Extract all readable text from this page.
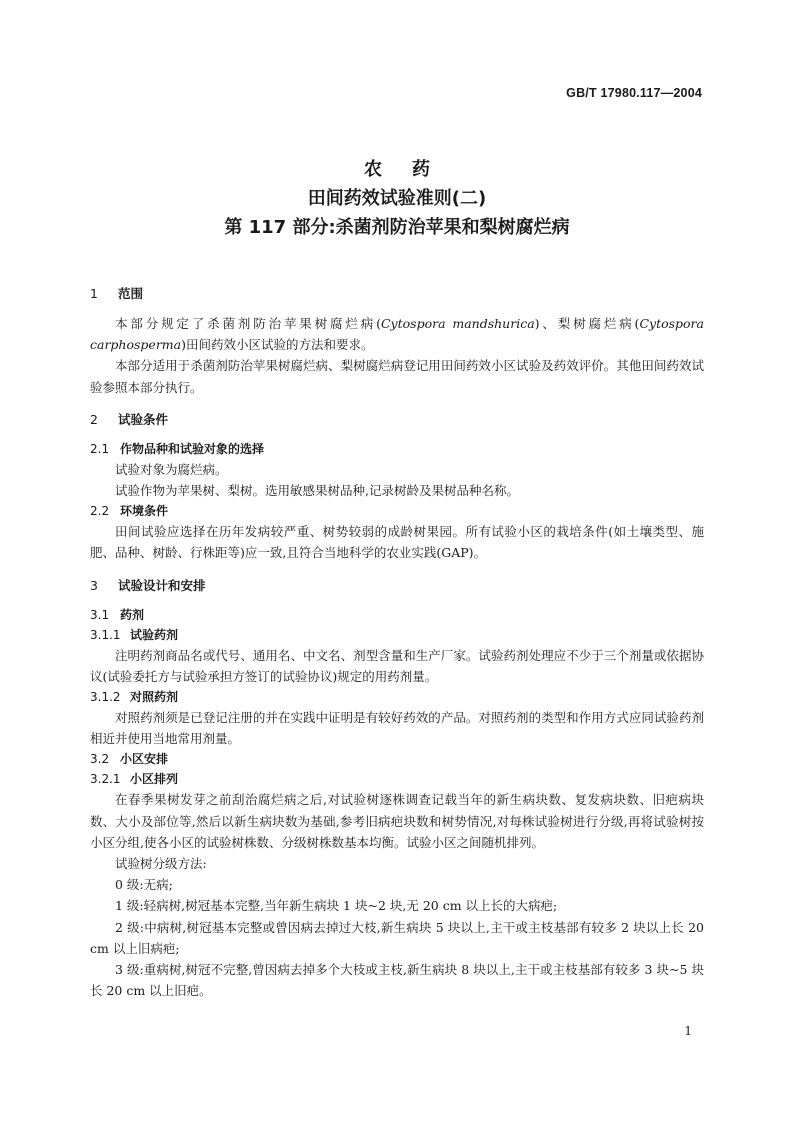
GB/T 17980.117—2004

农药

田间药效试验准则(二)

第 117 部分:杀菌剂防治苹果和梨树腐烂病

1 范围

本部分规定了杀菌剂防治苹果树腐烂病(Cytospora mandshurica)、梨树腐烂病(Cytospora carphosperma)田间药效小区试验的方法和要求。

本部分适用于杀菌剂防治苹果树腐烂病、梨树腐烂病登记用田间药效小区试验及药效评价。其他田间药效试验参照本部分执行。

2 试验条件
2.1 作物品种和试验对象的选择

试验对象为腐烂病。

试验作物为苹果树、梨树。选用敏感果树品种,记录树龄及果树品种名称。

2.2 环境条件

田间试验应选择在历年发病较严重、树势较弱的成龄树果园。所有试验小区的栽培条件(如土壤类型、施肥、品种、树龄、行株距等)应一致,且符合当地科学的农业实践(GAP)。

3 试验设计和安排
3.1 药剂
3.1.1 试验药剂

注明药剂商品名或代号、通用名、中文名、剂型含量和生产厂家。试验药剂处理应不少于三个剂量或依据协议(试验委托方与试验承担方签订的试验协议)规定的用药剂量。

3.1.2 对照药剂

对照药剂须是已登记注册的并在实践中证明是有较好药效的产品。对照药剂的类型和作用方式应同试验药剂相近并使用当地常用剂量。

3.2 小区安排
3.2.1 小区排列

在春季果树发芽之前刮治腐烂病之后,对试验树逐株调查记载当年的新生病块数、复发病块数、旧疤病块数、大小及部位等,然后以新生病块数为基础,参考旧病疤块数和树势情况,对每株试验树进行分级,再将试验树按小区分组,使各小区的试验树株数、分级树株数基本均衡。试验小区之间随机排列。

试验树分级方法:

0 级:无病;

1 级:轻病树,树冠基本完整,当年新生病块 1 块~2 块,无 20 cm 以上长的大病疤;

2 级:中病树,树冠基本完整或曾因病去掉过大枝,新生病块 5 块以上,主干或主枝基部有较多 2 块以上长 20 cm 以上旧病疤;

3 级:重病树,树冠不完整,曾因病去掉多个大枝或主枝,新生病块 8 块以上,主干或主枝基部有较多 3 块~5 块长 20 cm 以上旧疤。

1
